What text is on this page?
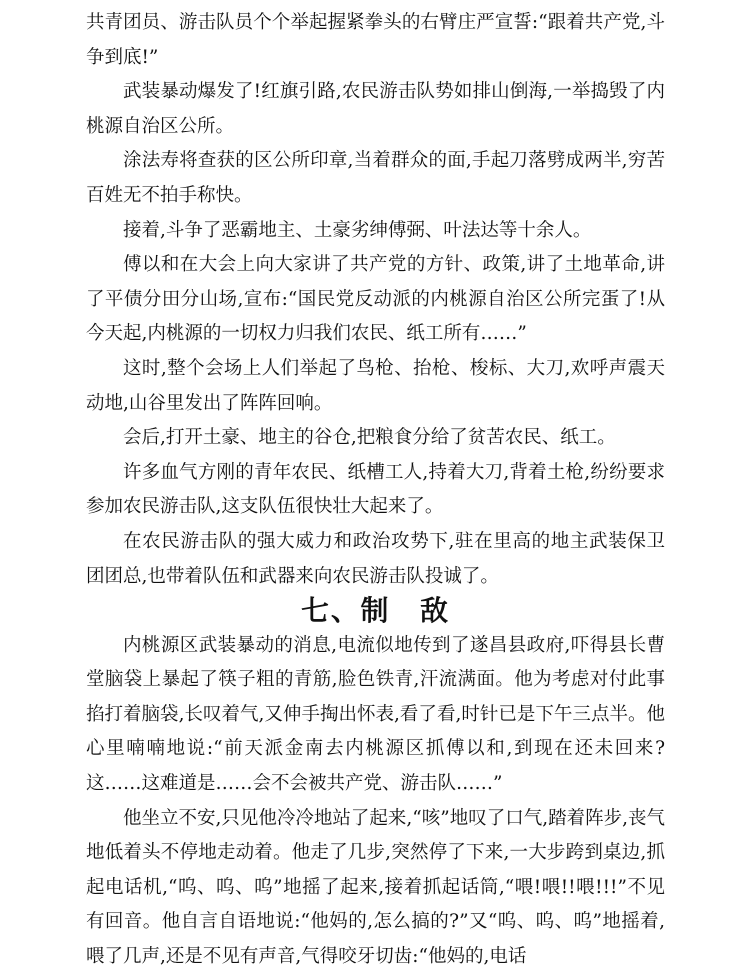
共青团员、游击队员个个举起握紧拳头的右臂庄严宣誓:“跟着共产党,斗争到底!”

武装暴动爆发了!红旗引路,农民游击队势如排山倒海,一举捣毁了内桃源自治区公所。

涂法寿将查获的区公所印章,当着群众的面,手起刀落劈成两半,穷苦百姓无不拍手称快。

接着,斗争了恶霸地主、土豪劣绅傅弼、叶法达等十余人。

傅以和在大会上向大家讲了共产党的方针、政策,讲了土地革命,讲了平债分田分山场,宣布:“国民党反动派的内桃源自治区公所完蛋了!从今天起,内桃源的一切权力归我们农民、纸工所有……”

这时,整个会场上人们举起了鸟枪、抬枪、梭标、大刀,欢呼声震天动地,山谷里发出了阵阵回响。

会后,打开土豪、地主的谷仓,把粮食分给了贫苦农民、纸工。

许多血气方刚的青年农民、纸槽工人,持着大刀,背着土枪,纷纷要求参加农民游击队,这支队伍很快壮大起来了。

在农民游击队的强大威力和政治攻势下,驻在里高的地主武装保卫团团总,也带着队伍和武器来向农民游击队投诚了。

七、制　敌

内桃源区武装暴动的消息,电流似地传到了遂昌县政府,吓得县长曹堂脑袋上暴起了筷子粗的青筋,脸色铁青,汗流满面。他为考虑对付此事掐打着脑袋,长叹着气,又伸手掏出怀表,看了看,时针已是下午三点半。他心里喃喃地说:“前天派金南去内桃源区抓傅以和,到现在还未回来?这……这难道是……会不会被共产党、游击队……”

他坐立不安,只见他冷冷地站了起来,“咳”地叹了口气,踏着阵步,丧气地低着头不停地走动着。他走了几步,突然停了下来,一大步跨到桌边,抓起电话机,“呜、呜、呜”地摇了起来,接着抓起话筒,“喂!喂!!喂!!!”不见有回音。他自言自语地说:“他妈的,怎么搞的?”又“呜、呜、呜”地摇着,喂了几声,还是不见有声音,气得咬牙切齿:“他妈的,电话
